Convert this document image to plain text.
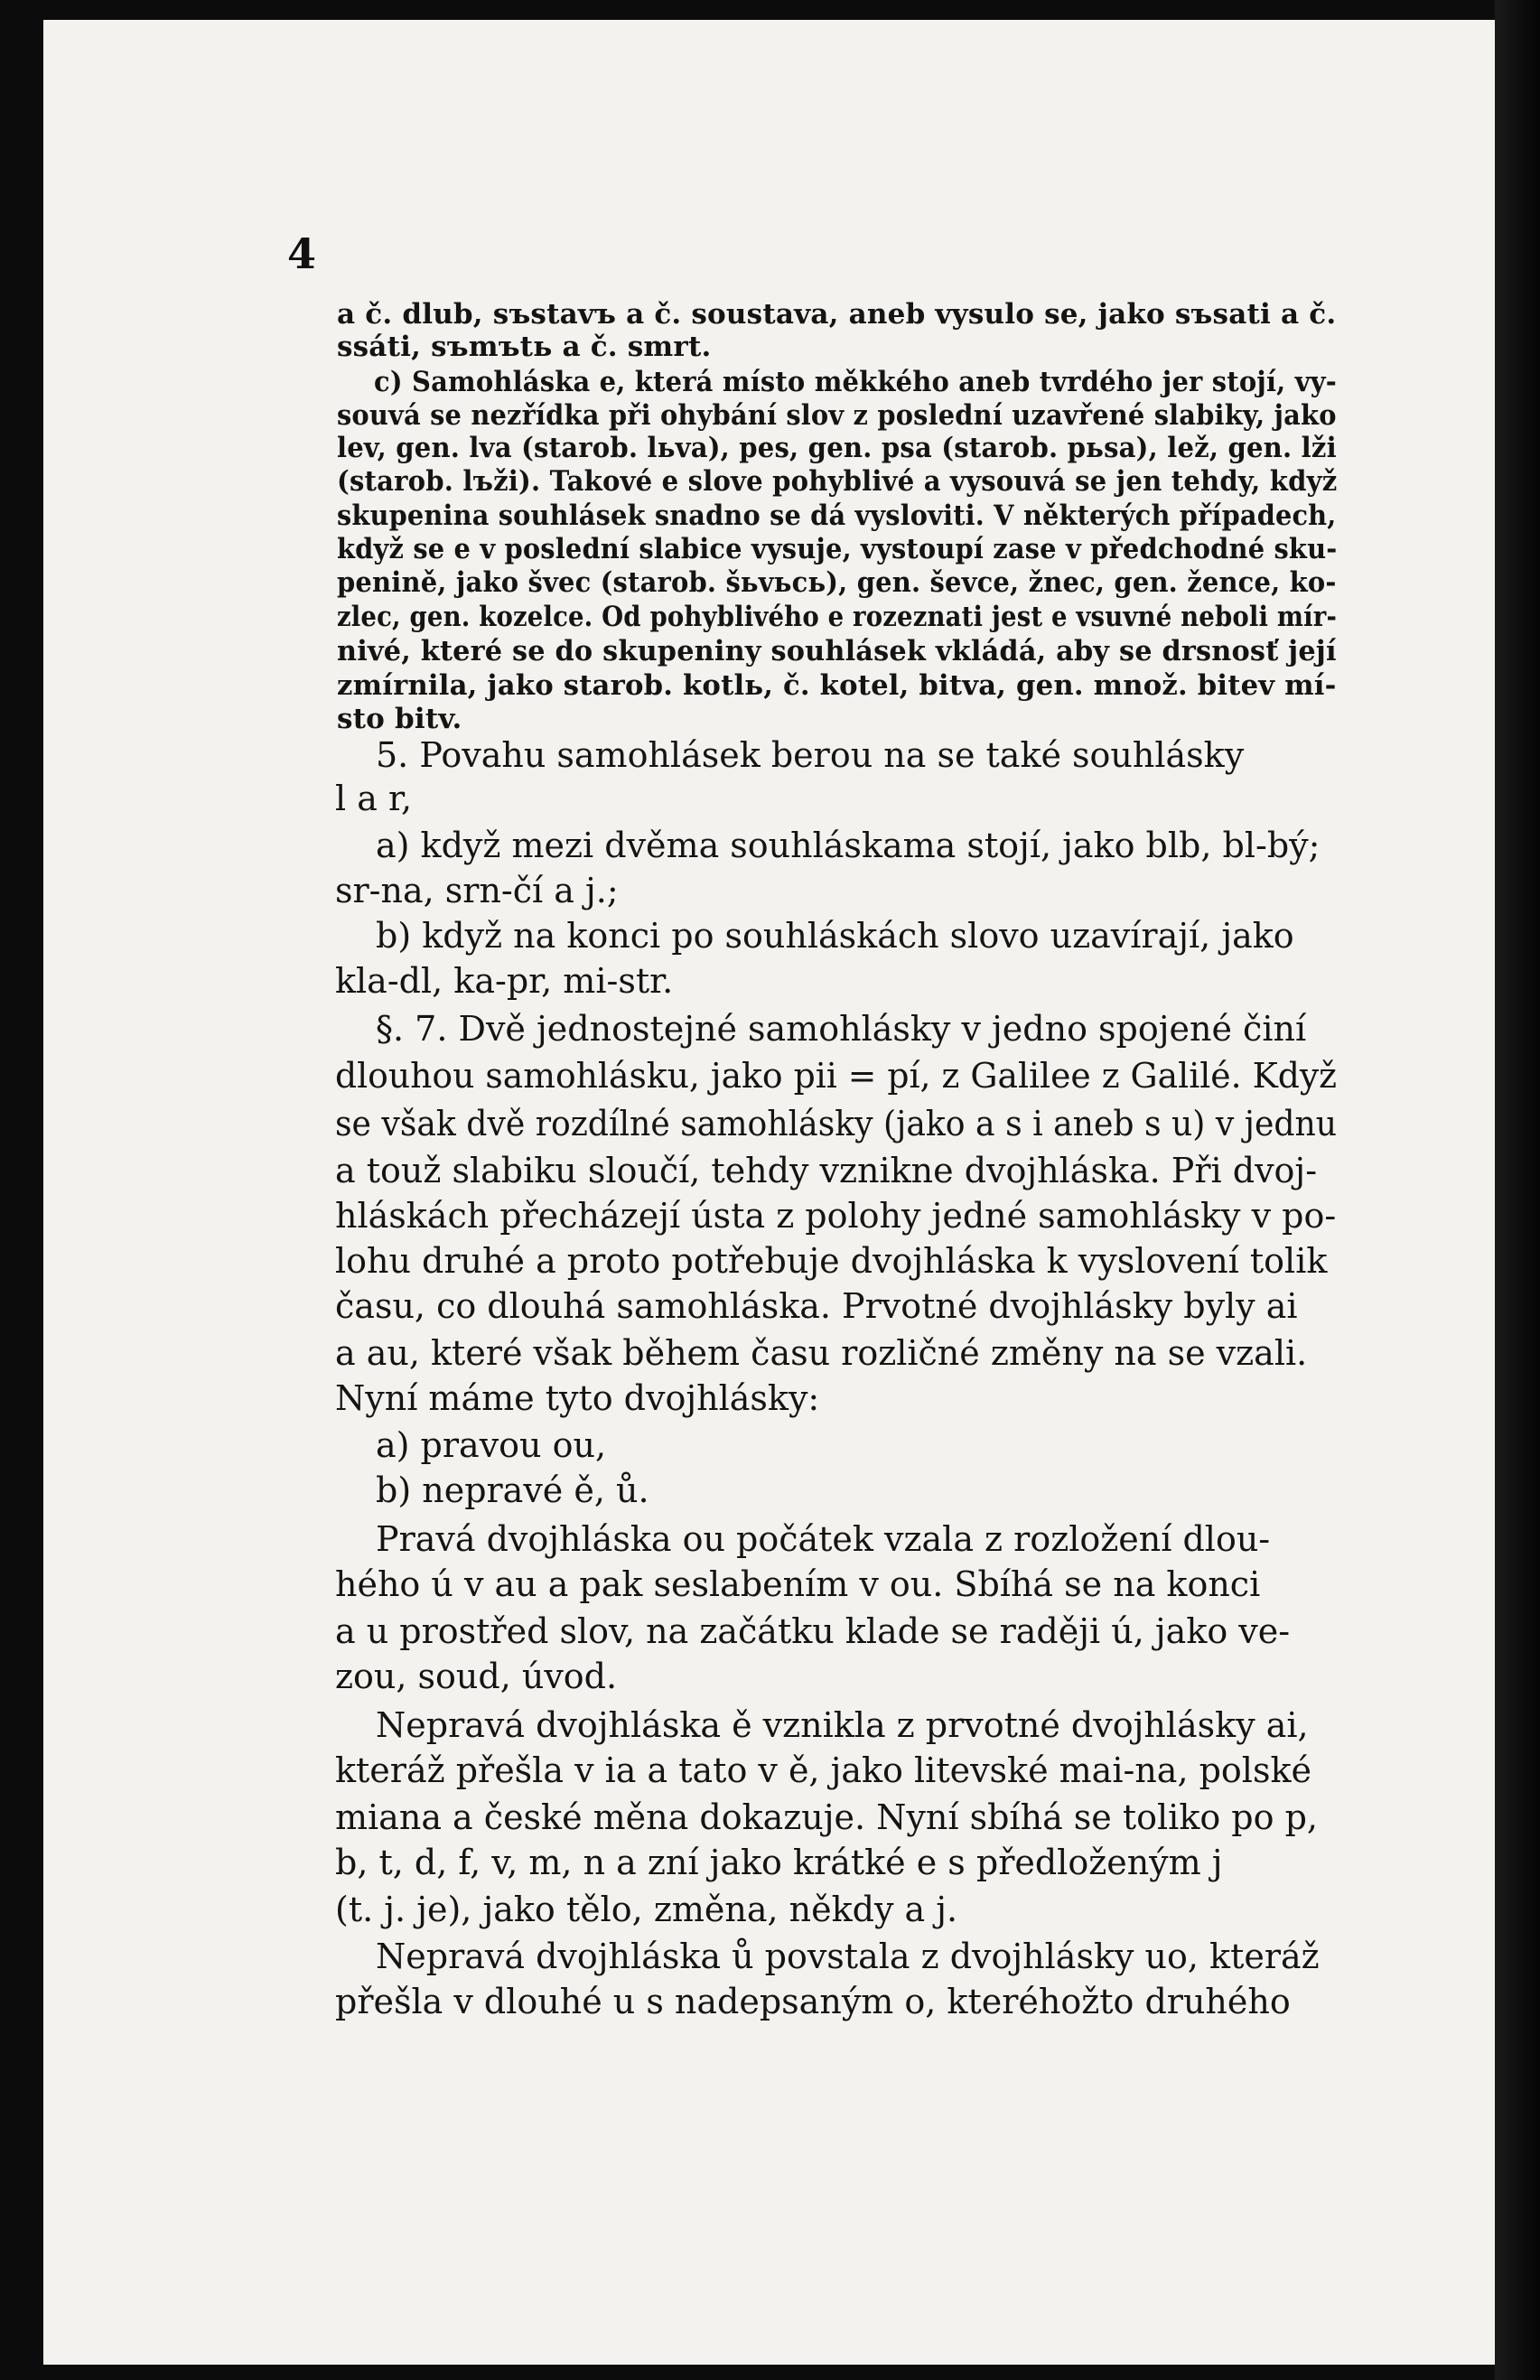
4
a č. dlub, sъstavъ a č. soustava, aneb vysulo se, jako sъsati a č.
ssáti, sъmъtь a č. smrt.
c) Samohláska e, která místo měkkého aneb tvrdého jer stojí, vy-
souvá se nezřídka při ohybání slov z poslední uzavřené slabiky, jako
lev, gen. lva (starob. lьva), pes, gen. psa (starob. pьsa), lež, gen. lži
(starob. lъži). Takové e slove pohyblivé a vysouvá se jen tehdy, když
skupenina souhlásek snadno se dá vysloviti. V některých případech,
když se e v poslední slabice vysuje, vystoupí zase v předchodné sku-
penině, jako švec (starob. šьvьcь), gen. ševce, žnec, gen. žence, ko-
zlec, gen. kozelce. Od pohyblivého e rozeznati jest e vsuvné neboli mír-
nivé, které se do skupeniny souhlásek vkládá, aby se drsnosť její
zmírnila, jako starob. kotlь, č. kotel, bitva, gen. množ. bitev mí-
sto bitv.
5. Povahu samohlásek berou na se také souhlásky
l a r,
a) když mezi dvěma souhláskama stojí, jako blb, bl-bý;
sr-na, srn-čí a j.;
b) když na konci po souhláskách slovo uzavírají, jako
kla-dl, ka-pr, mi-str.
§. 7. Dvě jednostejné samohlásky v jedno spojené činí
dlouhou samohlásku, jako pii = pí, z Galilee z Galilé. Když
se však dvě rozdílné samohlásky (jako a s i aneb s u) v jednu
a touž slabiku sloučí, tehdy vznikne dvojhláska. Při dvoj-
hláskách přecházejí ústa z polohy jedné samohlásky v po-
lohu druhé a proto potřebuje dvojhláska k vyslovení tolik
času, co dlouhá samohláska. Prvotné dvojhlásky byly ai
a au, které však během času rozličné změny na se vzali.
Nyní máme tyto dvojhlásky:
a) pravou ou,
b) nepravé ě, ů.
Pravá dvojhláska ou počátek vzala z rozložení dlou-
hého ú v au a pak seslabením v ou. Sbíhá se na konci
a u prostřed slov, na začátku klade se raději ú, jako ve-
zou, soud, úvod.
Nepravá dvojhláska ě vznikla z prvotné dvojhlásky ai,
kteráž přešla v ia a tato v ě, jako litevské mai-na, polské
miana a české měna dokazuje. Nyní sbíhá se toliko po p,
b, t, d, f, v, m, n a zní jako krátké e s předloženým j
(t. j. je), jako tělo, změna, někdy a j.
Nepravá dvojhláska ů povstala z dvojhlásky uo, kteráž
přešla v dlouhé u s nadepsaným o, kteréhožto druhého
